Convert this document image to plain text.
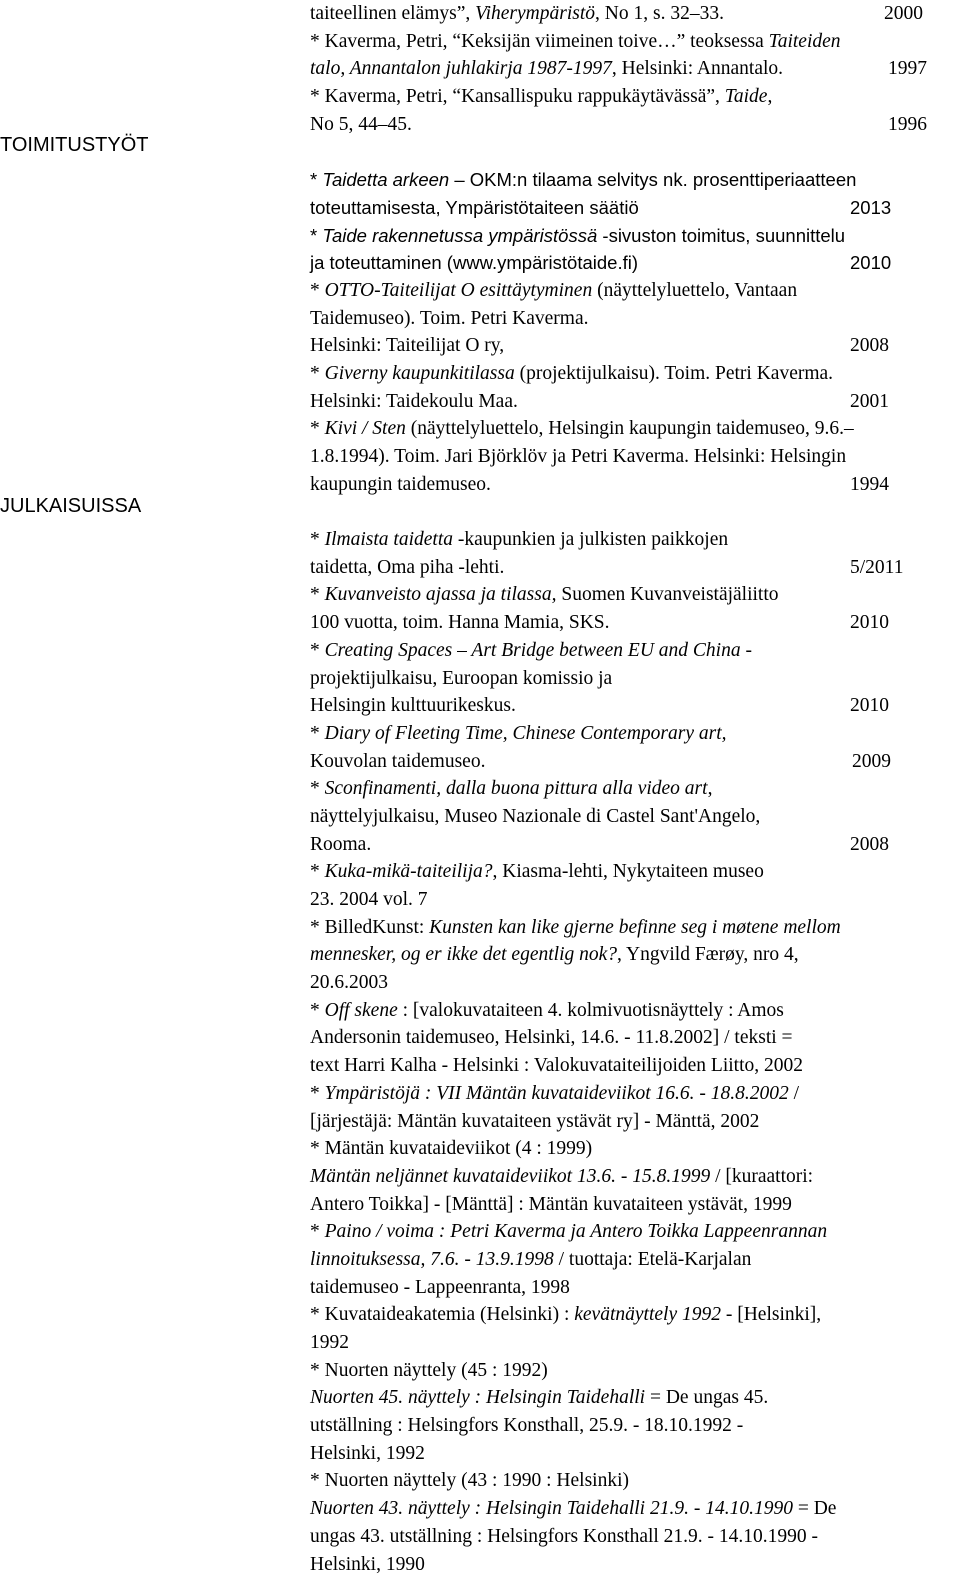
TOIMITUSTYÖT
JULKAISUISSA
taiteellinen elämys”, Viherympäristö, No 1, s. 32–33.	2000
* Kaverma, Petri, “Keksijän viimeinen toive…” teoksessa Taiteiden
talo, Annantalon juhlakirja 1987-1997, Helsinki: Annantalo.	1997
* Kaverma, Petri, “Kansallispuku rappukäytävässä”, Taide,
No 5, 44–45.	1996
* Taidetta arkeen – OKM:n tilaama selvitys nk. prosenttiperiaatteen
toteuttamisesta, Ympäristötaiteen säätiö	2013
* Taide rakennetussa ympäristössä -sivuston toimitus, suunnittelu
ja toteuttaminen (www.ympäristötaide.fi)	2010
* OTTO-Taiteilijat O esittäytyminen (näyttelyluettelo, Vantaan
Taidemuseo). Toim. Petri Kaverma.
Helsinki: Taiteilijat O ry,	2008
* Giverny kaupunkitilassa (projektijulkaisu). Toim. Petri Kaverma.
Helsinki: Taidekoulu Maa.	2001
* Kivi / Sten (näyttelyluettelo, Helsingin kaupungin taidemuseo, 9.6.–
1.8.1994). Toim. Jari Björklöv ja Petri Kaverma. Helsinki: Helsingin
kaupungin taidemuseo.	1994
* Ilmaista taidetta -kaupunkien ja julkisten paikkojen
taidetta, Oma piha -lehti.	5/2011
* Kuvanveisto ajassa ja tilassa, Suomen Kuvanveistäjäliitto
100 vuotta, toim. Hanna Mamia, SKS.	2010
* Creating Spaces – Art Bridge between EU and China -
projektijulkaisu, Euroopan komissio ja
Helsingin kulttuurikeskus.	2010
* Diary of Fleeting Time, Chinese Contemporary art,
Kouvolan taidemuseo.	2009
* Sconfinamenti, dalla buona pittura alla video art,
näyttelyjulkaisu, Museo Nazionale di Castel Sant'Angelo,
Rooma.	2008
* Kuka-mikä-taiteilija?, Kiasma-lehti, Nykytaiteen museo
23. 2004 vol. 7
* BilledKunst: Kunsten kan like gjerne befinne seg i møtene mellom
mennesker, og er ikke det egentlig nok?, Yngvild Færøy, nro 4,
20.6.2003
* Off skene : [valokuvataiteen 4. kolmivuotisnäyttely : Amos
Andersonin taidemuseo, Helsinki, 14.6. - 11.8.2002] / teksti =
text Harri Kalha - Helsinki : Valokuvataiteilijoiden Liitto, 2002
* Ympäristöjä : VII Mäntän kuvataideviikot 16.6. - 18.8.2002 /
[järjestäjä: Mäntän kuvataiteen ystävät ry] - Mänttä, 2002
* Mäntän kuvataideviikot (4 : 1999)
Mäntän neljännet kuvataideviikot 13.6. - 15.8.1999 / [kuraattori:
Antero Toikka] - [Mänttä] : Mäntän kuvataiteen ystävät, 1999
* Paino / voima : Petri Kaverma ja Antero Toikka Lappeenrannan
linnoituksessa, 7.6. - 13.9.1998 / tuottaja: Etelä-Karjalan
taidemuseo - Lappeenranta, 1998
* Kuvataideakatemia (Helsinki) : kevätnäyttely 1992 - [Helsinki],
1992
* Nuorten näyttely (45 : 1992)
Nuorten 45. näyttely : Helsingin Taidehalli = De ungas 45.
utställning : Helsingfors Konsthall, 25.9. - 18.10.1992 -
Helsinki, 1992
* Nuorten näyttely (43 : 1990 : Helsinki)
Nuorten 43. näyttely : Helsingin Taidehalli 21.9. - 14.10.1990 = De
ungas 43. utställning : Helsingfors Konsthall 21.9. - 14.10.1990 -
Helsinki, 1990
